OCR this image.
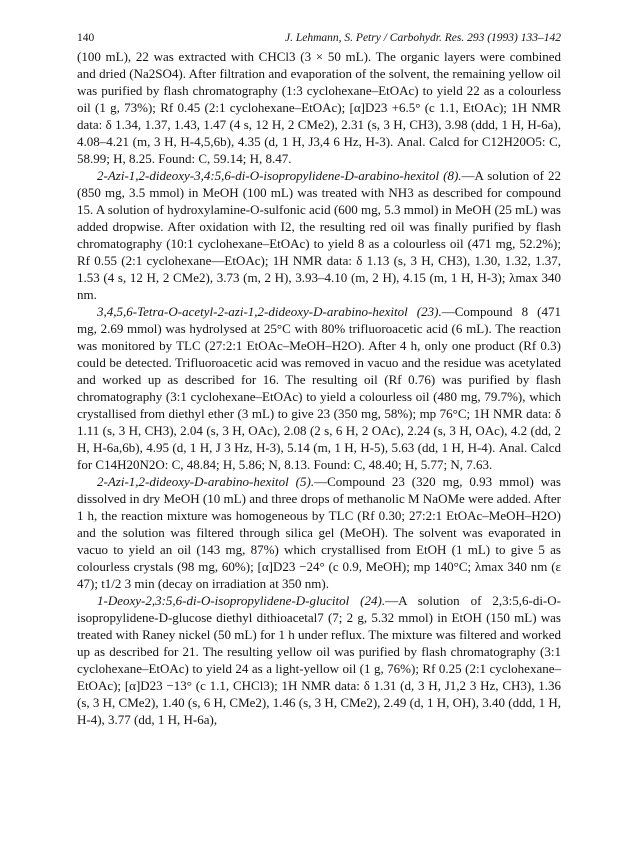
140	J. Lehmann, S. Petry / Carbohydr. Res. 293 (1993) 133–142

(100 mL), 22 was extracted with CHCl3 (3 × 50 mL). The organic layers were combined and dried (Na2SO4). After filtration and evaporation of the solvent, the remaining yellow oil was purified by flash chromatography (1:3 cyclohexane–EtOAc) to yield 22 as a colourless oil (1 g, 73%); Rf 0.45 (2:1 cyclohexane–EtOAc); [α]D23 +6.5° (c 1.1, EtOAc); 1H NMR data: δ 1.34, 1.37, 1.43, 1.47 (4 s, 12 H, 2 CMe2), 2.31 (s, 3 H, CH3), 3.98 (ddd, 1 H, H-6a), 4.08–4.21 (m, 3 H, H-4,5,6b), 4.35 (d, 1 H, J3,4 6 Hz, H-3). Anal. Calcd for C12H20O5: C, 58.99; H, 8.25. Found: C, 59.14; H, 8.47.

2-Azi-1,2-dideoxy-3,4:5,6-di-O-isopropylidene-D-arabino-hexitol (8).—A solution of 22 (850 mg, 3.5 mmol) in MeOH (100 mL) was treated with NH3 as described for compound 15. A solution of hydroxylamine-O-sulfonic acid (600 mg, 5.3 mmol) in MeOH (25 mL) was added dropwise. After oxidation with I2, the resulting red oil was finally purified by flash chromatography (10:1 cyclohexane–EtOAc) to yield 8 as a colourless oil (471 mg, 52.2%); Rf 0.55 (2:1 cyclohexane—EtOAc); 1H NMR data: δ 1.13 (s, 3 H, CH3), 1.30, 1.32, 1.37, 1.53 (4 s, 12 H, 2 CMe2), 3.73 (m, 2 H), 3.93–4.10 (m, 2 H), 4.15 (m, 1 H, H-3); λmax 340 nm.

3,4,5,6-Tetra-O-acetyl-2-azi-1,2-dideoxy-D-arabino-hexitol (23).—Compound 8 (471 mg, 2.69 mmol) was hydrolysed at 25°C with 80% trifluoroacetic acid (6 mL). The reaction was monitored by TLC (27:2:1 EtOAc–MeOH–H2O). After 4 h, only one product (Rf 0.3) could be detected. Trifluoroacetic acid was removed in vacuo and the residue was acetylated and worked up as described for 16. The resulting oil (Rf 0.76) was purified by flash chromatography (3:1 cyclohexane–EtOAc) to yield a colourless oil (480 mg, 79.7%), which crystallised from diethyl ether (3 mL) to give 23 (350 mg, 58%); mp 76°C; 1H NMR data: δ 1.11 (s, 3 H, CH3), 2.04 (s, 3 H, OAc), 2.08 (2 s, 6 H, 2 OAc), 2.24 (s, 3 H, OAc), 4.2 (dd, 2 H, H-6a,6b), 4.95 (d, 1 H, J 3 Hz, H-3), 5.14 (m, 1 H, H-5), 5.63 (dd, 1 H, H-4). Anal. Calcd for C14H20N2O: C, 48.84; H, 5.86; N, 8.13. Found: C, 48.40; H, 5.77; N, 7.63.

2-Azi-1,2-dideoxy-D-arabino-hexitol (5).—Compound 23 (320 mg, 0.93 mmol) was dissolved in dry MeOH (10 mL) and three drops of methanolic M NaOMe were added. After 1 h, the reaction mixture was homogeneous by TLC (Rf 0.30; 27:2:1 EtOAc–MeOH–H2O) and the solution was filtered through silica gel (MeOH). The solvent was evaporated in vacuo to yield an oil (143 mg, 87%) which crystallised from EtOH (1 mL) to give 5 as colourless crystals (98 mg, 60%); [α]D23 −24° (c 0.9, MeOH); mp 140°C; λmax 340 nm (ε 47); t1/2 3 min (decay on irradiation at 350 nm).

1-Deoxy-2,3:5,6-di-O-isopropylidene-D-glucitol (24).—A solution of 2,3:5,6-di-O-isopropylidene-D-glucose diethyl dithioacetal7 (7; 2 g, 5.32 mmol) in EtOH (150 mL) was treated with Raney nickel (50 mL) for 1 h under reflux. The mixture was filtered and worked up as described for 21. The resulting yellow oil was purified by flash chromatography (3:1 cyclohexane–EtOAc) to yield 24 as a light-yellow oil (1 g, 76%); Rf 0.25 (2:1 cyclohexane–EtOAc); [α]D23 −13° (c 1.1, CHCl3); 1H NMR data: δ 1.31 (d, 3 H, J1,2 3 Hz, CH3), 1.36 (s, 3 H, CMe2), 1.40 (s, 6 H, CMe2), 1.46 (s, 3 H, CMe2), 2.49 (d, 1 H, OH), 3.40 (ddd, 1 H, H-4), 3.77 (dd, 1 H, H-6a),
